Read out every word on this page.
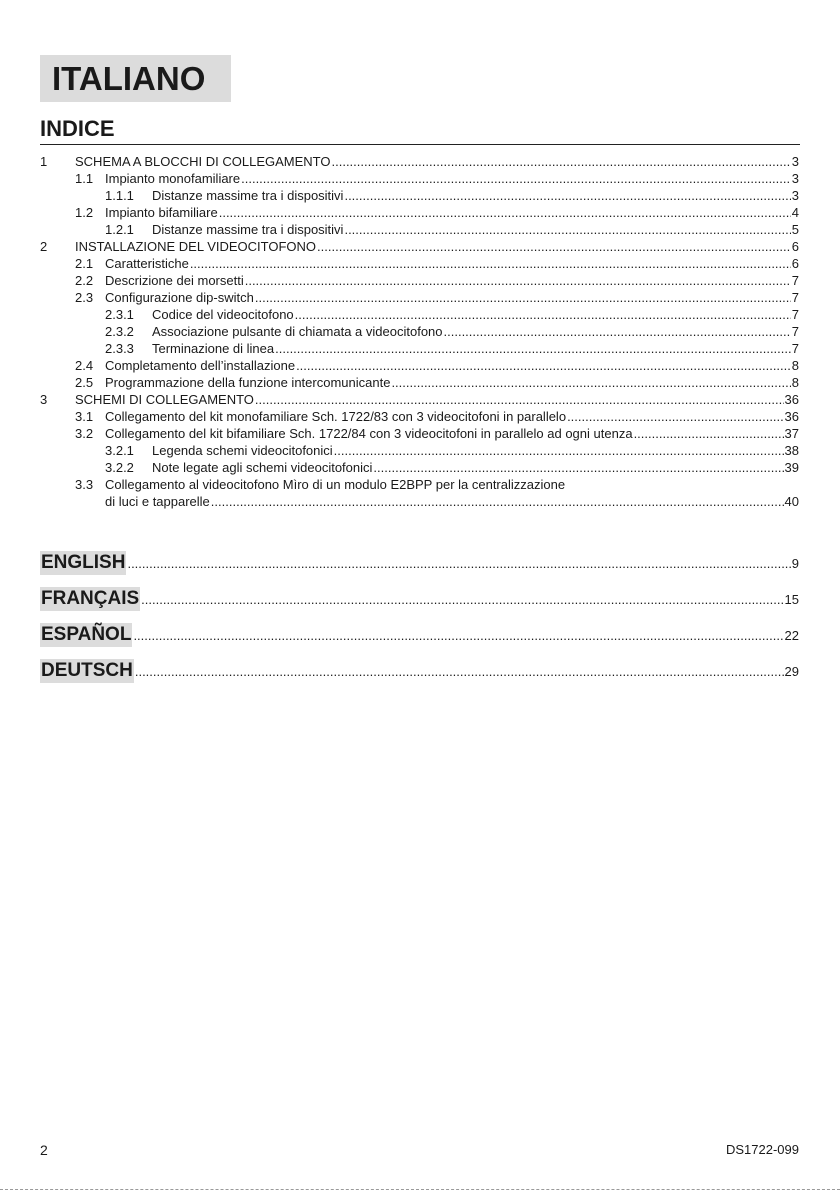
ITALIANO
INDICE
1 SCHEMA A BLOCCHI DI COLLEGAMENTO .....	3
1.1 Impianto monofamiliare .....	3
1.1.1 Distanze massime tra i dispositivi .....	3
1.2 Impianto bifamiliare .....	4
1.2.1 Distanze massime tra i dispositivi .....	5
2 INSTALLAZIONE DEL VIDEOCITOFONO .....	6
2.1 Caratteristiche .....	6
2.2 Descrizione dei morsetti .....	7
2.3 Configurazione dip-switch .....	7
2.3.1 Codice del videocitofono .....	7
2.3.2 Associazione pulsante di chiamata a videocitofono .....	7
2.3.3 Terminazione di linea .....	7
2.4 Completamento dell’installazione .....	8
2.5 Programmazione della funzione intercomunicante .....	8
3 SCHEMI DI COLLEGAMENTO .....	36
3.1 Collegamento del kit monofamiliare Sch. 1722/83 con 3 videocitofoni in parallelo .....	36
3.2 Collegamento del kit bifamiliare Sch. 1722/84 con 3 videocitofoni in parallelo ad ogni utenza .....	37
3.2.1 Legenda schemi videocitofonici .....	38
3.2.2 Note legate agli schemi videocitofonici .....	39
3.3 Collegamento al videocitofono Mìro di un modulo E2BPP per la centralizzazione
di luci e tapparelle .....	40
ENGLISH .....	9
FRANÇAIS .....	15
ESPAÑOL .....	22
DEUTSCH .....	29
2	DS1722-099
